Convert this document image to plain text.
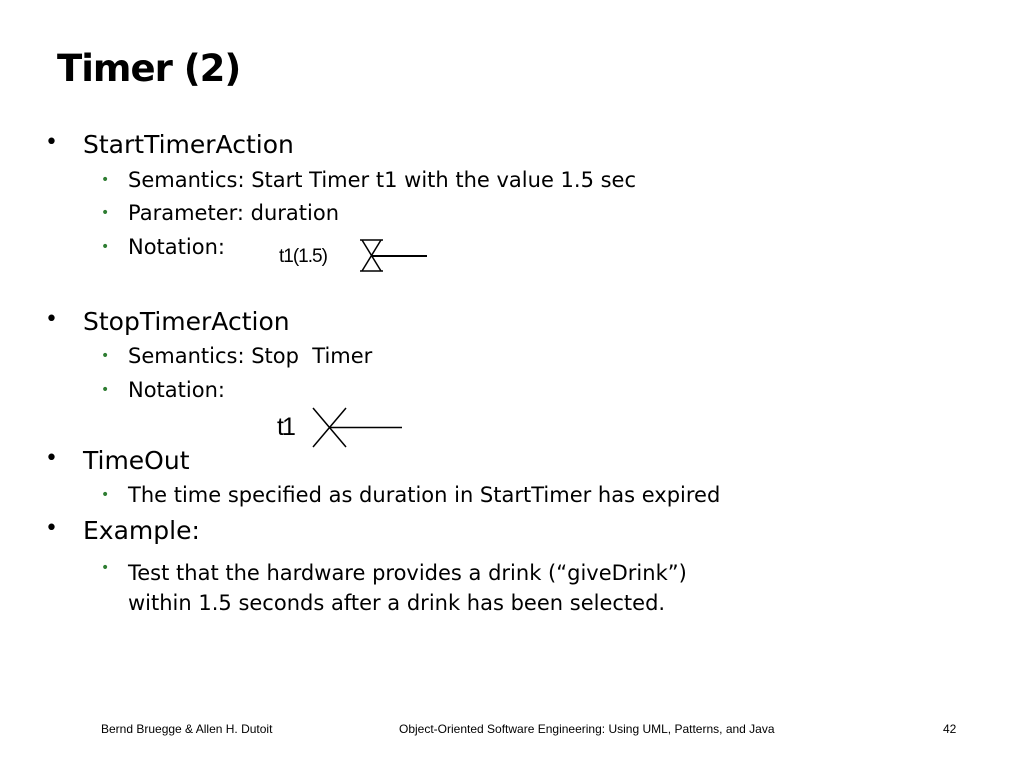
Timer (2)
• StartTimerAction
• Semantics: Start Timer t1 with the value 1.5 sec
• Parameter: duration
• Notation:	t1(1.5)
• StopTimerAction
• Semantics: Stop  Timer
• Notation:
t1
• TimeOut
• The time specified as duration in StartTimer has expired
• Example:
• Test that the hardware provides a drink (“giveDrink”)
within 1.5 seconds after a drink has been selected.
Bernd Bruegge & Allen H. Dutoit	Object-Oriented Software Engineering: Using UML, Patterns, and Java	42
